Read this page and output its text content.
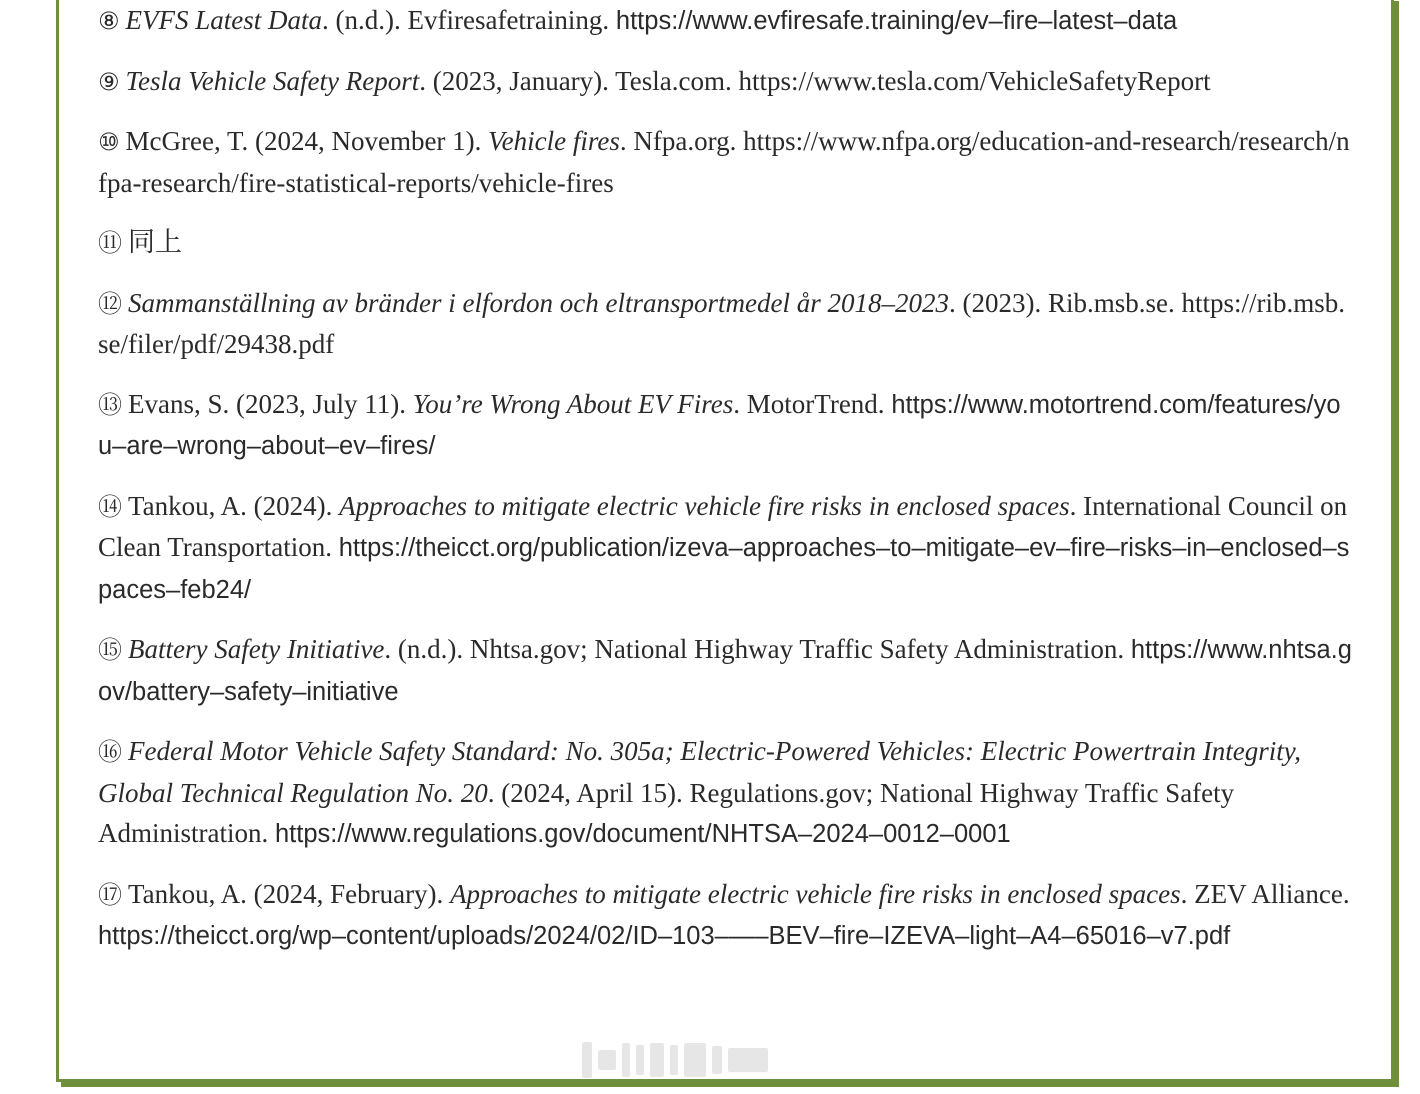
⑧ EVFS Latest Data. (n.d.). Evfiresafetraining. https://www.evfiresafe.training/ev–fire–latest–data

⑨ Tesla Vehicle Safety Report. (2023, January). Tesla.com. https://www.tesla.com/VehicleSafetyReport

⑩ McGree, T. (2024, November 1). Vehicle fires. Nfpa.org. https://www.nfpa.org/education-and-research/research/nfpa-research/fire-statistical-reports/vehicle-fires

⑪ 同上

⑫ Sammanställning av bränder i elfordon och eltransportmedel år 2018–2023. (2023). Rib.msb.se. https://rib.msb.se/filer/pdf/29438.pdf

⑬ Evans, S. (2023, July 11). You’re Wrong About EV Fires. MotorTrend. https://www.motortrend.com/features/you–are–wrong–about–ev–fires/

⑭ Tankou, A. (2024). Approaches to mitigate electric vehicle fire risks in enclosed spaces. International Council on Clean Transportation. https://theicct.org/publication/izeva–approaches–to–mitigate–ev–fire–risks–in–enclosed–spaces–feb24/

⑮ Battery Safety Initiative. (n.d.). Nhtsa.gov; National Highway Traffic Safety Administration. https://www.nhtsa.gov/battery–safety–initiative

⑯ Federal Motor Vehicle Safety Standard: No. 305a; Electric-Powered Vehicles: Electric Powertrain Integrity, Global Technical Regulation No. 20. (2024, April 15). Regulations.gov; National Highway Traffic Safety Administration. https://www.regulations.gov/document/NHTSA–2024–0012–0001

⑰ Tankou, A. (2024, February). Approaches to mitigate electric vehicle fire risks in enclosed spaces. ZEV Alliance. https://theicct.org/wp–content/uploads/2024/02/ID–103–—–BEV–fire–IZEVA–light–A4–65016–v7.pdf
